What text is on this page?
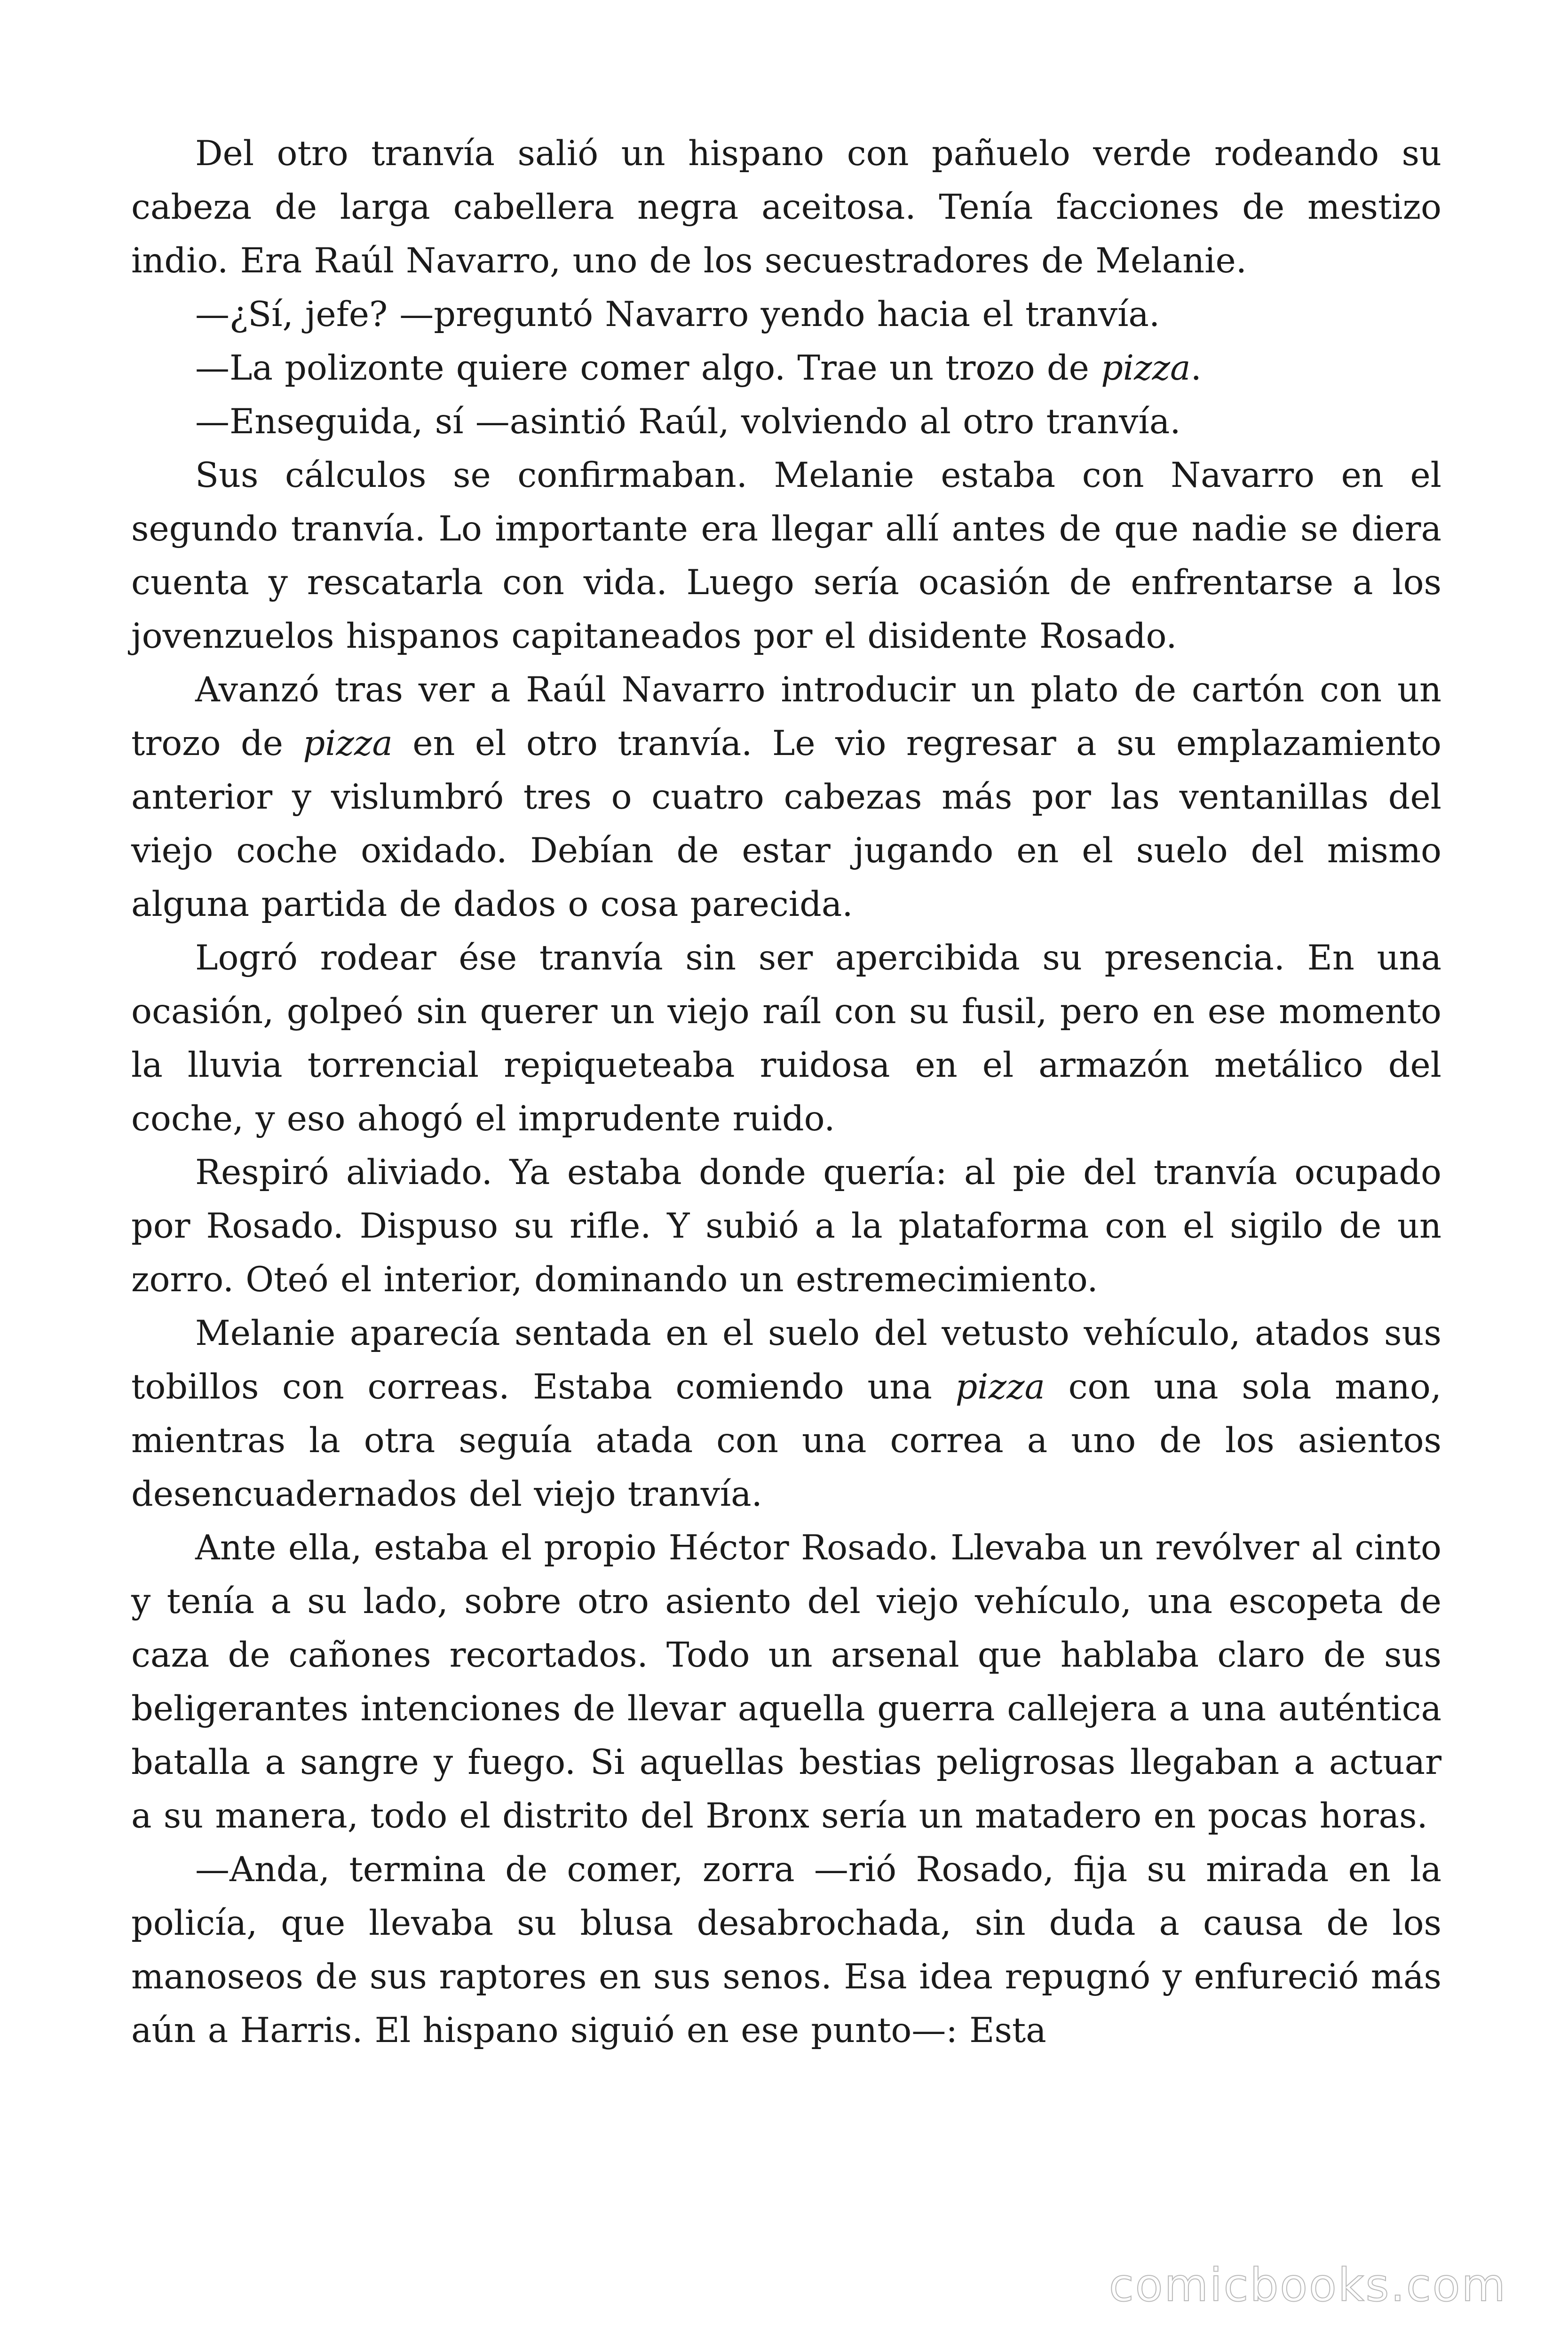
Del otro tranvía salió un hispano con pañuelo verde rodeando su cabeza de larga cabellera negra aceitosa. Tenía facciones de mestizo indio. Era Raúl Navarro, uno de los secuestradores de Melanie.

—¿Sí, jefe? —preguntó Navarro yendo hacia el tranvía.

—La polizonte quiere comer algo. Trae un trozo de pizza.

—Enseguida, sí —asintió Raúl, volviendo al otro tranvía.

Sus cálculos se confirmaban. Melanie estaba con Navarro en el segundo tranvía. Lo importante era llegar allí antes de que nadie se diera cuenta y rescatarla con vida. Luego sería ocasión de enfrentarse a los jovenzuelos hispanos capitaneados por el disidente Rosado.

Avanzó tras ver a Raúl Navarro introducir un plato de cartón con un trozo de pizza en el otro tranvía. Le vio regresar a su emplazamiento anterior y vislumbró tres o cuatro cabezas más por las ventanillas del viejo coche oxidado. Debían de estar jugando en el suelo del mismo alguna partida de dados o cosa parecida.

Logró rodear ése tranvía sin ser apercibida su presencia. En una ocasión, golpeó sin querer un viejo raíl con su fusil, pero en ese momento la lluvia torrencial repiqueteaba ruidosa en el armazón metálico del coche, y eso ahogó el imprudente ruido.

Respiró aliviado. Ya estaba donde quería: al pie del tranvía ocupado por Rosado. Dispuso su rifle. Y subió a la plataforma con el sigilo de un zorro. Oteó el interior, dominando un estremecimiento.

Melanie aparecía sentada en el suelo del vetusto vehículo, atados sus tobillos con correas. Estaba comiendo una pizza con una sola mano, mientras la otra seguía atada con una correa a uno de los asientos desencuadernados del viejo tranvía.

Ante ella, estaba el propio Héctor Rosado. Llevaba un revólver al cinto y tenía a su lado, sobre otro asiento del viejo vehículo, una escopeta de caza de cañones recortados. Todo un arsenal que hablaba claro de sus beligerantes intenciones de llevar aquella guerra callejera a una auténtica batalla a sangre y fuego. Si aquellas bestias peligrosas llegaban a actuar a su manera, todo el distrito del Bronx sería un matadero en pocas horas.

—Anda, termina de comer, zorra —rió Rosado, fija su mirada en la policía, que llevaba su blusa desabrochada, sin duda a causa de los manoseos de sus raptores en sus senos. Esa idea repugnó y enfureció más aún a Harris. El hispano siguió en ese punto—: Esta

comicbooks.com
